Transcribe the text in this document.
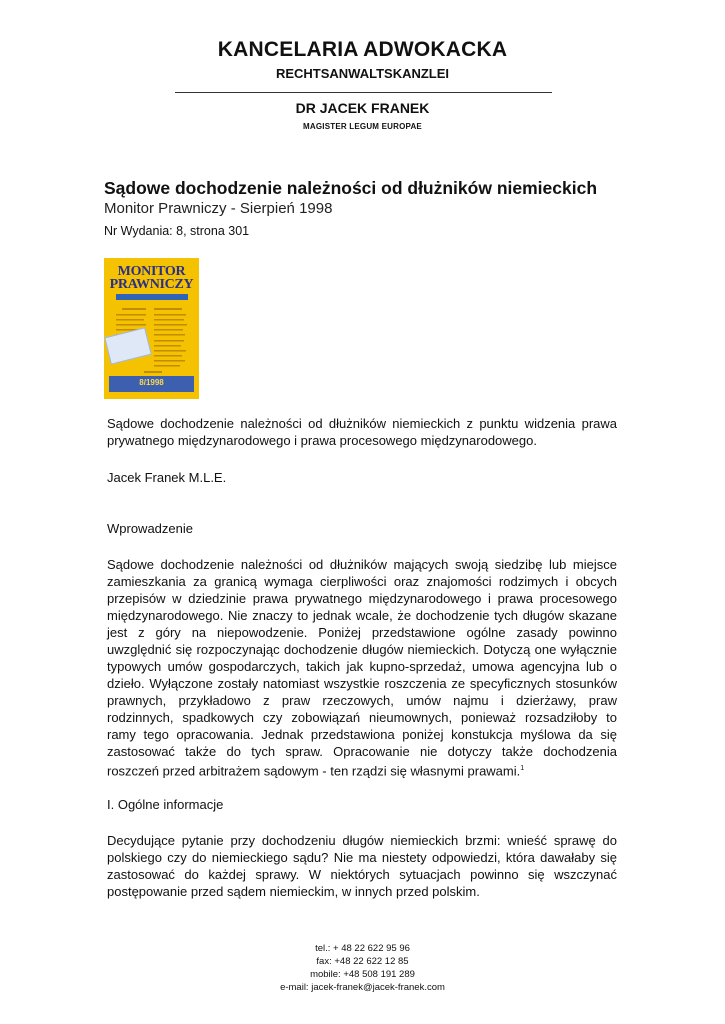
KANCELARIA ADWOKACKA
RECHTSANWALTSKANZLEI
DR JACEK FRANEK
MAGISTER LEGUM EUROPAE
Sądowe dochodzenie należności od dłużników niemieckich
Monitor Prawniczy - Sierpień 1998
Nr Wydania: 8, strona 301
MONITOR
PRAWNICZY
8/1998
Sądowe dochodzenie należności od dłużników niemieckich z punktu widzenia prawa
prywatnego międzynarodowego i prawa procesowego międzynarodowego.
Jacek Franek M.L.E.
Wprowadzenie
Sądowe dochodzenie należności od dłużników mających swoją siedzibę lub miejsce
zamieszkania za granicą wymaga cierpliwości oraz znajomości rodzimych i obcych
przepisów w dziedzinie prawa prywatnego międzynarodowego i prawa procesowego
międzynarodowego. Nie znaczy to jednak wcale, że dochodzenie tych długów skazane
jest z góry na niepowodzenie. Poniżej przedstawione ogólne zasady powinno
uwzględnić się rozpoczynając dochodzenie długów niemieckich. Dotyczą one wyłącznie
typowych umów gospodarczych, takich jak kupno-sprzedaż, umowa agencyjna lub o
dzieło. Wyłączone zostały natomiast wszystkie roszczenia ze specyficznych stosunków
prawnych, przykładowo z praw rzeczowych, umów najmu i dzierżawy, praw
rodzinnych, spadkowych czy zobowiązań nieumownych, ponieważ rozsadziłoby to
ramy tego opracowania. Jednak przedstawiona poniżej konstukcja myślowa da się
zastosować także do tych spraw. Opracowanie nie dotyczy także dochodzenia
roszczeń przed arbitrażem sądowym - ten rządzi się własnymi prawami.$^1$
I. Ogólne informacje
Decydujące pytanie przy dochodzeniu długów niemieckich brzmi: wnieść sprawę do
polskiego czy do niemieckiego sądu? Nie ma niestety odpowiedzi, która dawałaby się
zastosować do każdej sprawy. W niektórych sytuacjach powinno się wszczynać
postępowanie przed sądem niemieckim, w innych przed polskim.
tel.: + 48 22 622 95 96
fax: +48 22 622 12 85
mobile: +48 508 191 289
e-mail: jacek-franek@jacek-franek.com
